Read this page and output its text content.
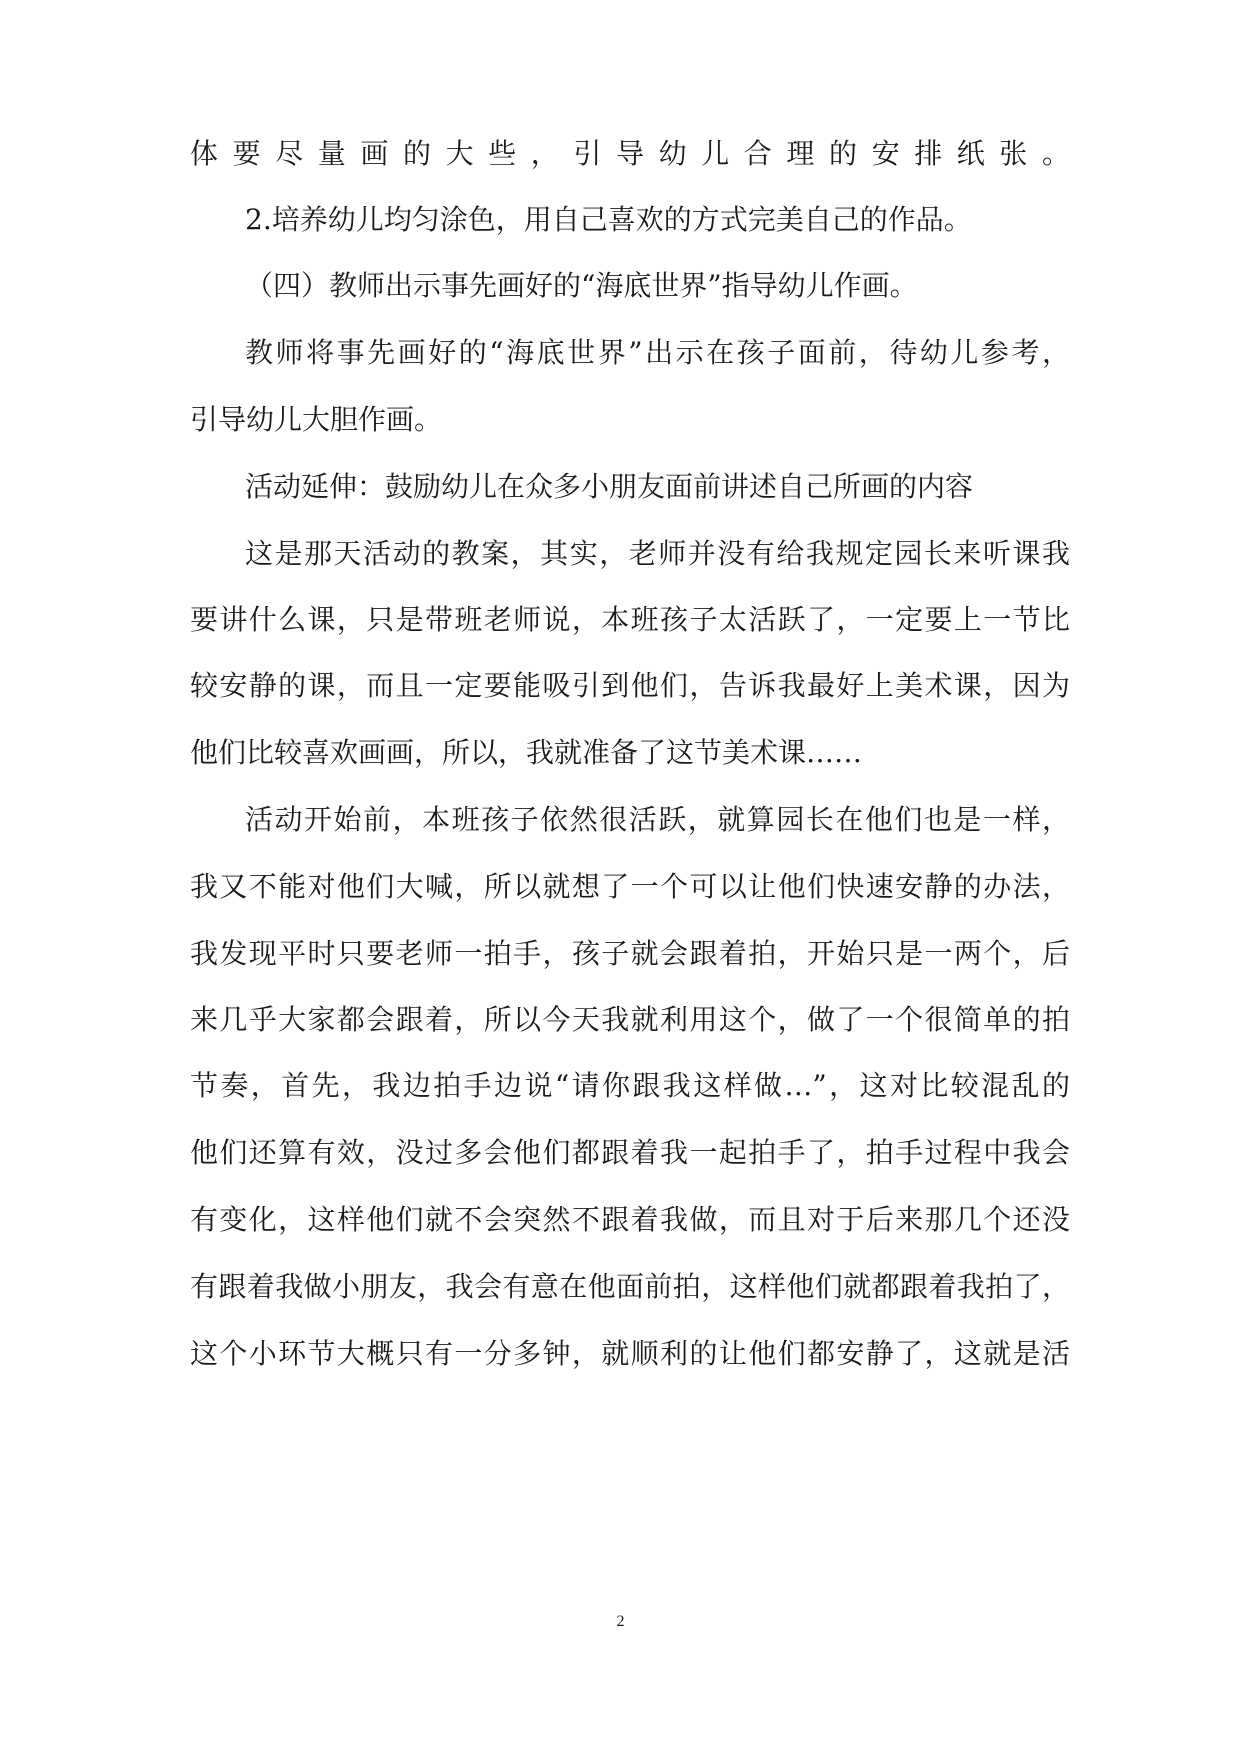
体要尽量画的大些，引导幼儿合理的安排纸张。
2.培养幼儿均匀涂色，用自己喜欢的方式完美自己的作品。
（四）教师出示事先画好的“海底世界”指导幼儿作画。
教师将事先画好的“海底世界”出示在孩子面前，待幼儿参考，
引导幼儿大胆作画。
活动延伸：鼓励幼儿在众多小朋友面前讲述自己所画的内容
这是那天活动的教案，其实，老师并没有给我规定园长来听课我
要讲什么课，只是带班老师说，本班孩子太活跃了，一定要上一节比
较安静的课，而且一定要能吸引到他们，告诉我最好上美术课，因为
他们比较喜欢画画，所以，我就准备了这节美术课……
活动开始前，本班孩子依然很活跃，就算园长在他们也是一样，
我又不能对他们大喊，所以就想了一个可以让他们快速安静的办法，
我发现平时只要老师一拍手，孩子就会跟着拍，开始只是一两个，后
来几乎大家都会跟着，所以今天我就利用这个，做了一个很简单的拍
节奏，首先，我边拍手边说“请你跟我这样做…”，这对比较混乱的
他们还算有效，没过多会他们都跟着我一起拍手了，拍手过程中我会
有变化，这样他们就不会突然不跟着我做，而且对于后来那几个还没
有跟着我做小朋友，我会有意在他面前拍，这样他们就都跟着我拍了，
这个小环节大概只有一分多钟，就顺利的让他们都安静了，这就是活
2
